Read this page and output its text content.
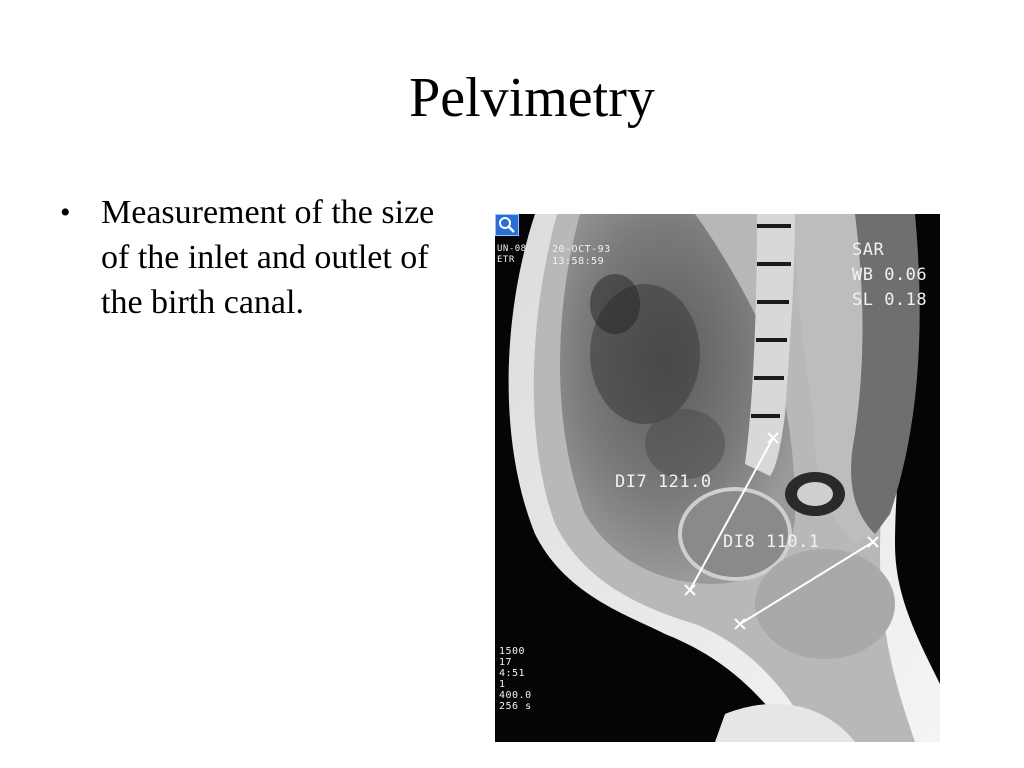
Pelvimetry
• Measurement of the size of the inlet and outlet of the birth canal.
UN-08
ETR
20-OCT-93
13:58:59
SAR
WB 0.06
SL 0.18
DI7 121.0
DI8 110.1
1500
17
4:51
1
400.0
256 s
